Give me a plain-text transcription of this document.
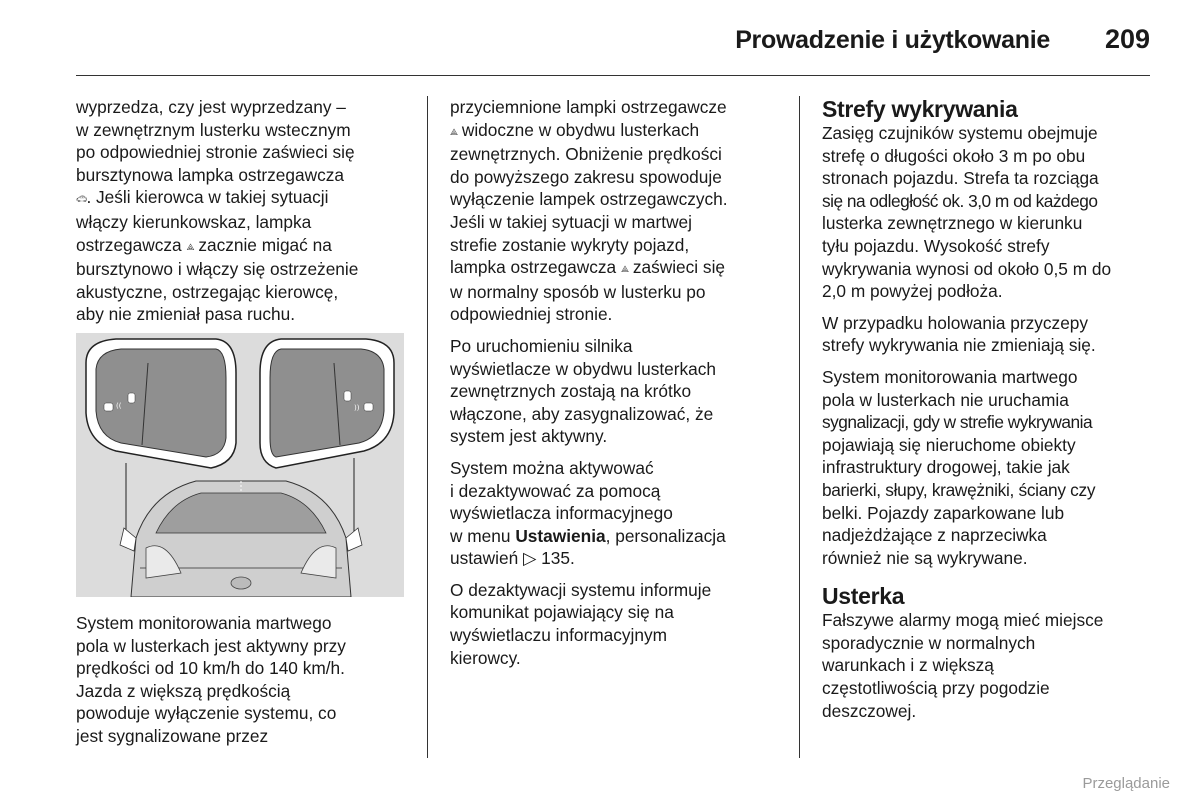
Prowadzenie i użytkowanie 209

wyprzedza, czy jest wyprzedzany –
w zewnętrznym lusterku wstecznym
po odpowiedniej stronie zaświeci się
bursztynowa lampka ostrzegawcza
🚗︎. Jeśli kierowca w takiej sytuacji
włączy kierunkowskaz, lampka
ostrzegawcza ⟁ zacznie migać na
bursztynowo i włączy się ostrzeżenie
akustyczne, ostrzegając kierowcę,
aby nie zmieniał pasa ruchu.

((	))

System monitorowania martwego
pola w lusterkach jest aktywny przy
prędkości od 10 km/h do 140 km/h.
Jazda z większą prędkością
powoduje wyłączenie systemu, co
jest sygnalizowane przez

przyciemnione lampki ostrzegawcze
⟁ widoczne w obydwu lusterkach
zewnętrznych. Obniżenie prędkości
do powyższego zakresu spowoduje
wyłączenie lampek ostrzegawczych.
Jeśli w takiej sytuacji w martwej
strefie zostanie wykryty pojazd,
lampka ostrzegawcza ⟁ zaświeci się
w normalny sposób w lusterku po
odpowiedniej stronie.

Po uruchomieniu silnika
wyświetlacze w obydwu lusterkach
zewnętrznych zostają na krótko
włączone, aby zasygnalizować, że
system jest aktywny.

System można aktywować
i dezaktywować za pomocą
wyświetlacza informacyjnego
w menu Ustawienia, personalizacja
ustawień ▷ 135.

O dezaktywacji systemu informuje
komunikat pojawiający się na
wyświetlaczu informacyjnym
kierowcy.

Strefy wykrywania

Zasięg czujników systemu obejmuje
strefę o długości około 3 m po obu
stronach pojazdu. Strefa ta rozciąga
się na odległość ok. 3,0 m od każdego
lusterka zewnętrznego w kierunku
tyłu pojazdu. Wysokość strefy
wykrywania wynosi od około 0,5 m do
2,0 m powyżej podłoża.

W przypadku holowania przyczepy
strefy wykrywania nie zmieniają się.

System monitorowania martwego
pola w lusterkach nie uruchamia
sygnalizacji, gdy w strefie wykrywania
pojawiają się nieruchome obiekty
infrastruktury drogowej, takie jak
barierki, słupy, krawężniki, ściany czy
belki. Pojazdy zaparkowane lub
nadjeżdżające z naprzeciwka
również nie są wykrywane.

Usterka

Fałszywe alarmy mogą mieć miejsce
sporadycznie w normalnych
warunkach i z większą
częstotliwością przy pogodzie
deszczowej.

Przeglądanie
